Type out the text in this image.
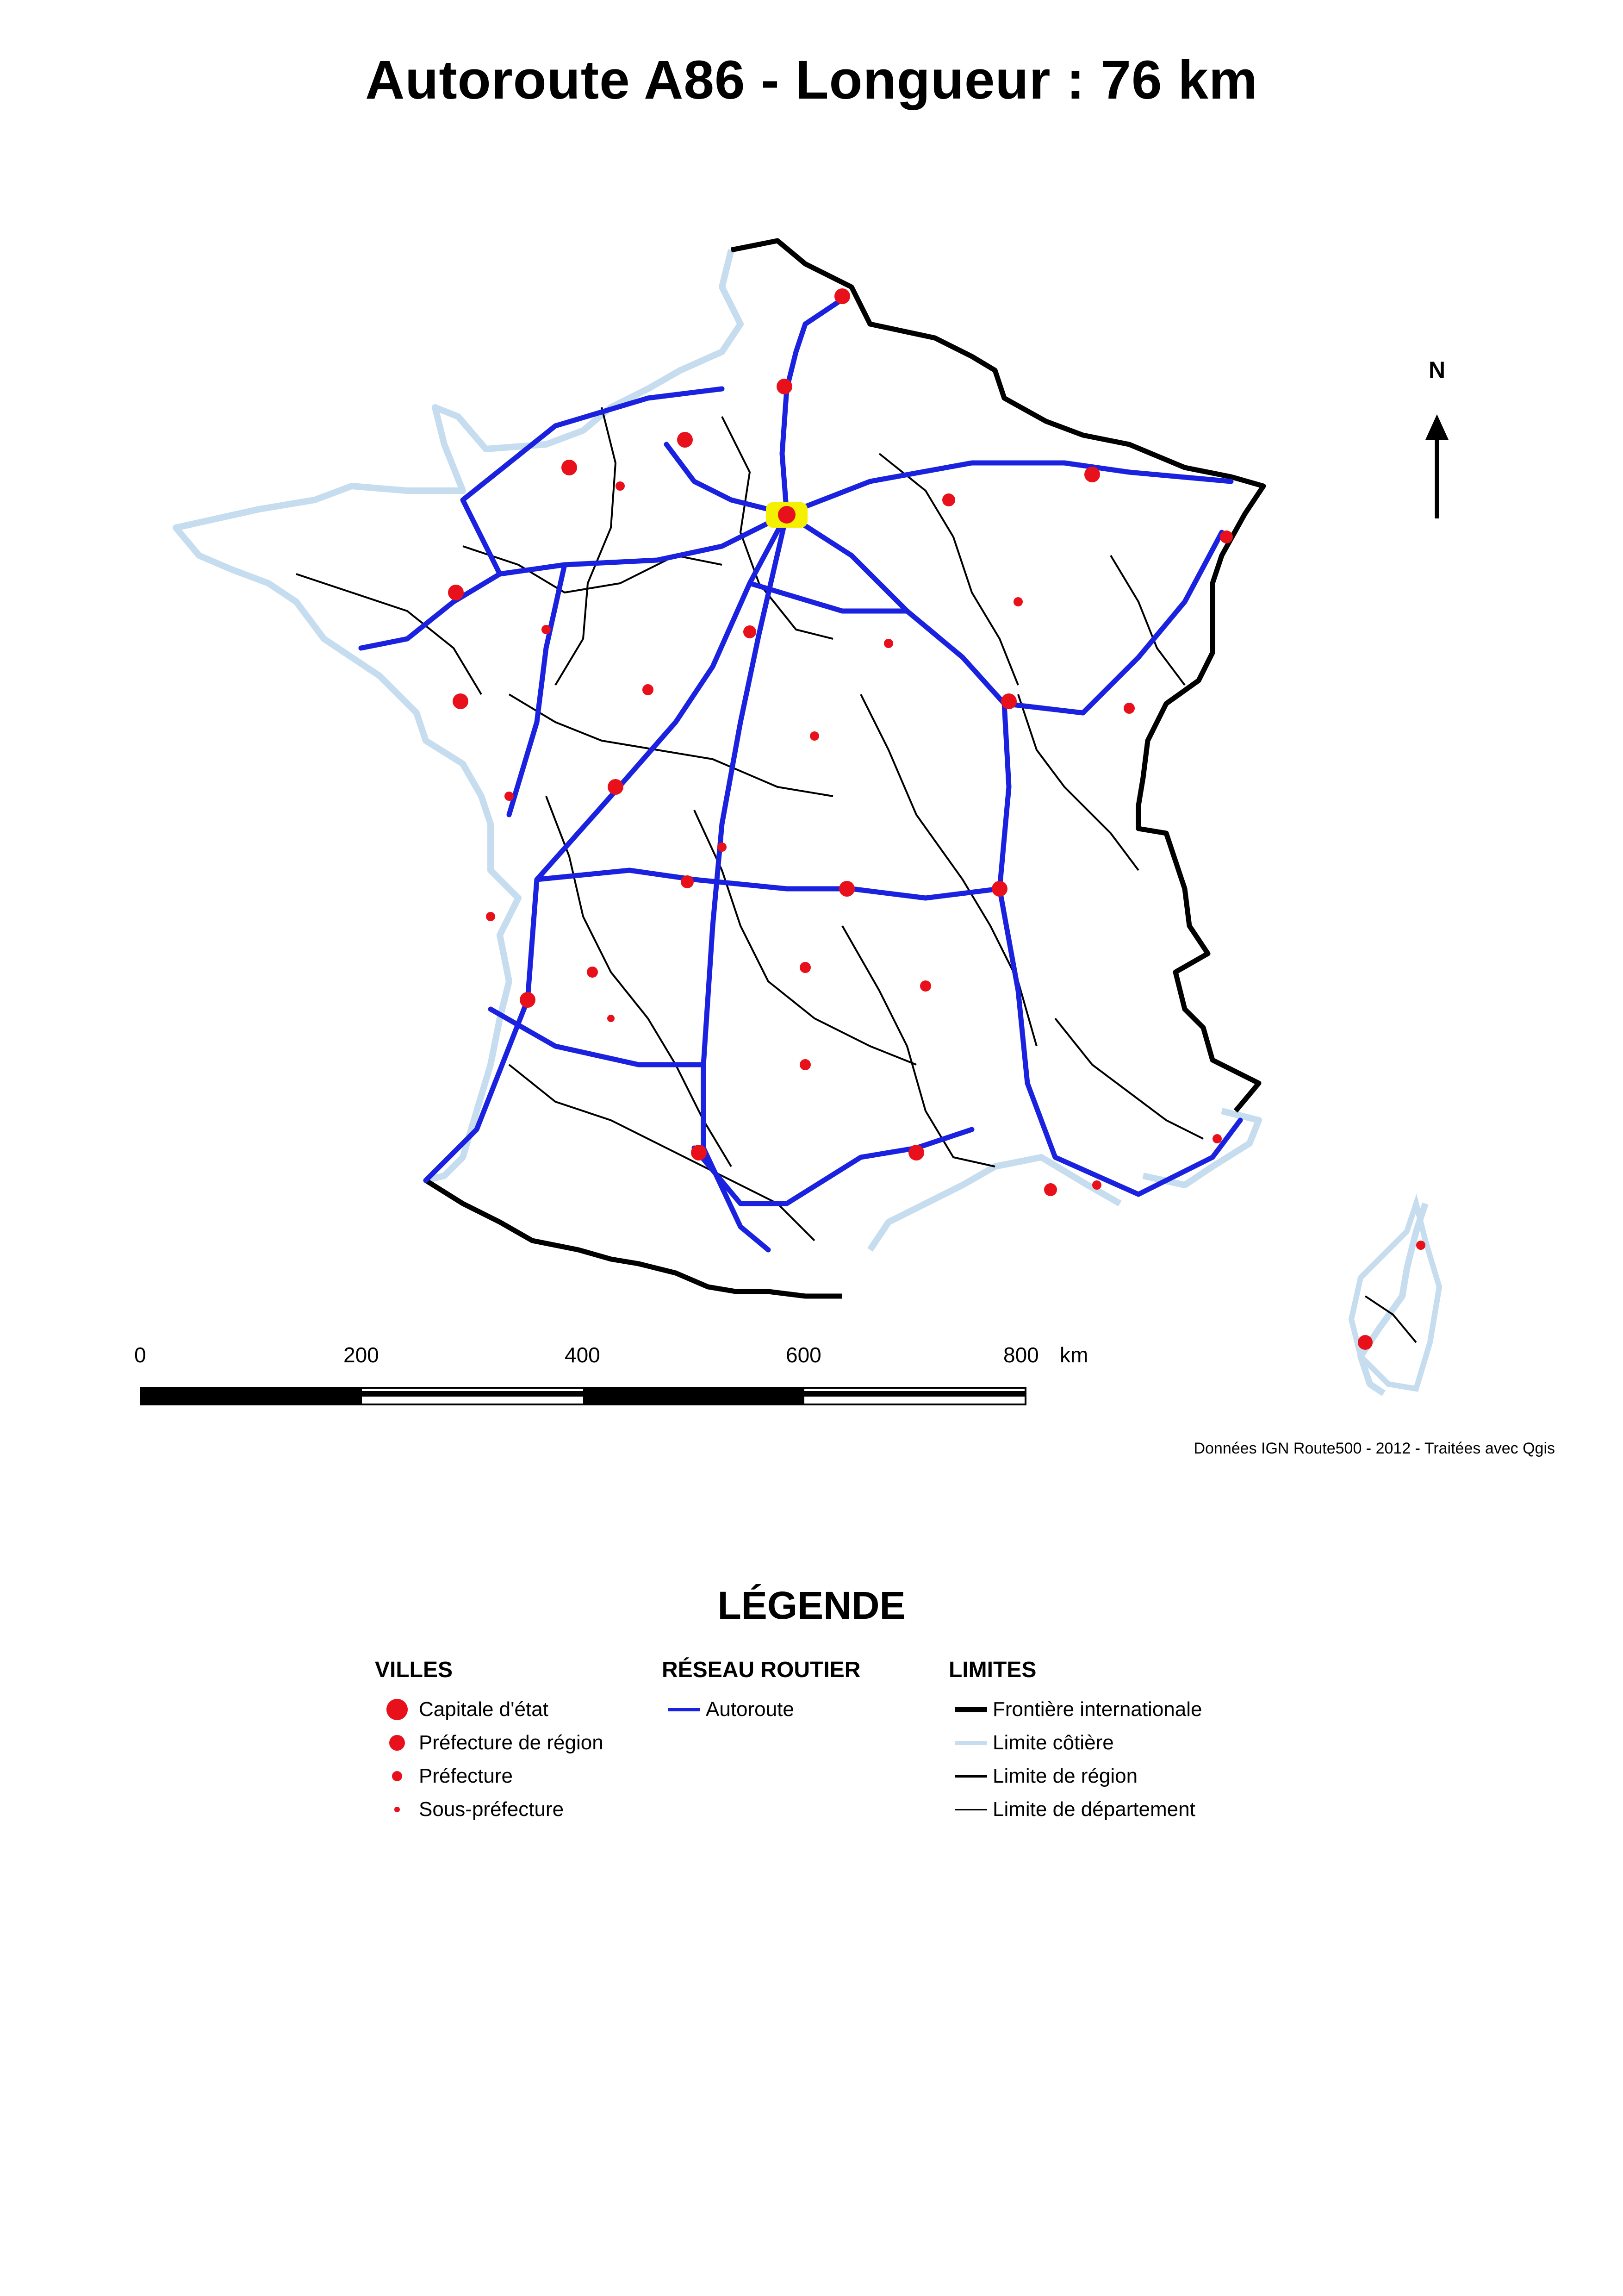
Autoroute A86 - Longueur : 76 km
N
0	200	400	600	800 km
Données IGN Route500 - 2012 - Traitées avec Qgis
LÉGENDE
VILLES
Capitale d'état
Préfecture de région
Préfecture
Sous-préfecture
RÉSEAU ROUTIER
Autoroute
LIMITES
Frontière internationale
Limite côtière
Limite de région
Limite de département
